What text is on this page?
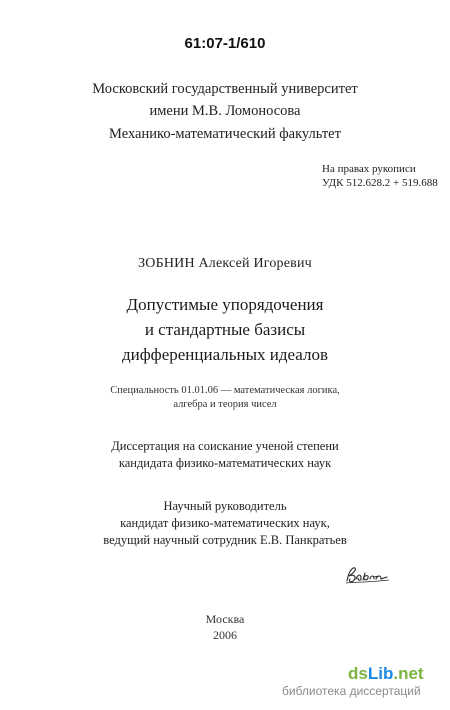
61:07-1/610
Московский государственный университет
имени М.В. Ломоносова
Механико-математический факультет
На правах рукописи
УДК 512.628.2 + 519.688
ЗОБНИН Алексей Игоревич
Допустимые упорядочения
и стандартные базисы
дифференциальных идеалов
Специальность 01.01.06 — математическая логика,
алгебра и теория чисел
Диссертация на соискание ученой степени
кандидата физико-математических наук
Научный руководитель
кандидат физико-математических наук,
ведущий научный сотрудник Е.В. Панкратьев
Москва
2006
dsLib.net
библиотека диссертаций
